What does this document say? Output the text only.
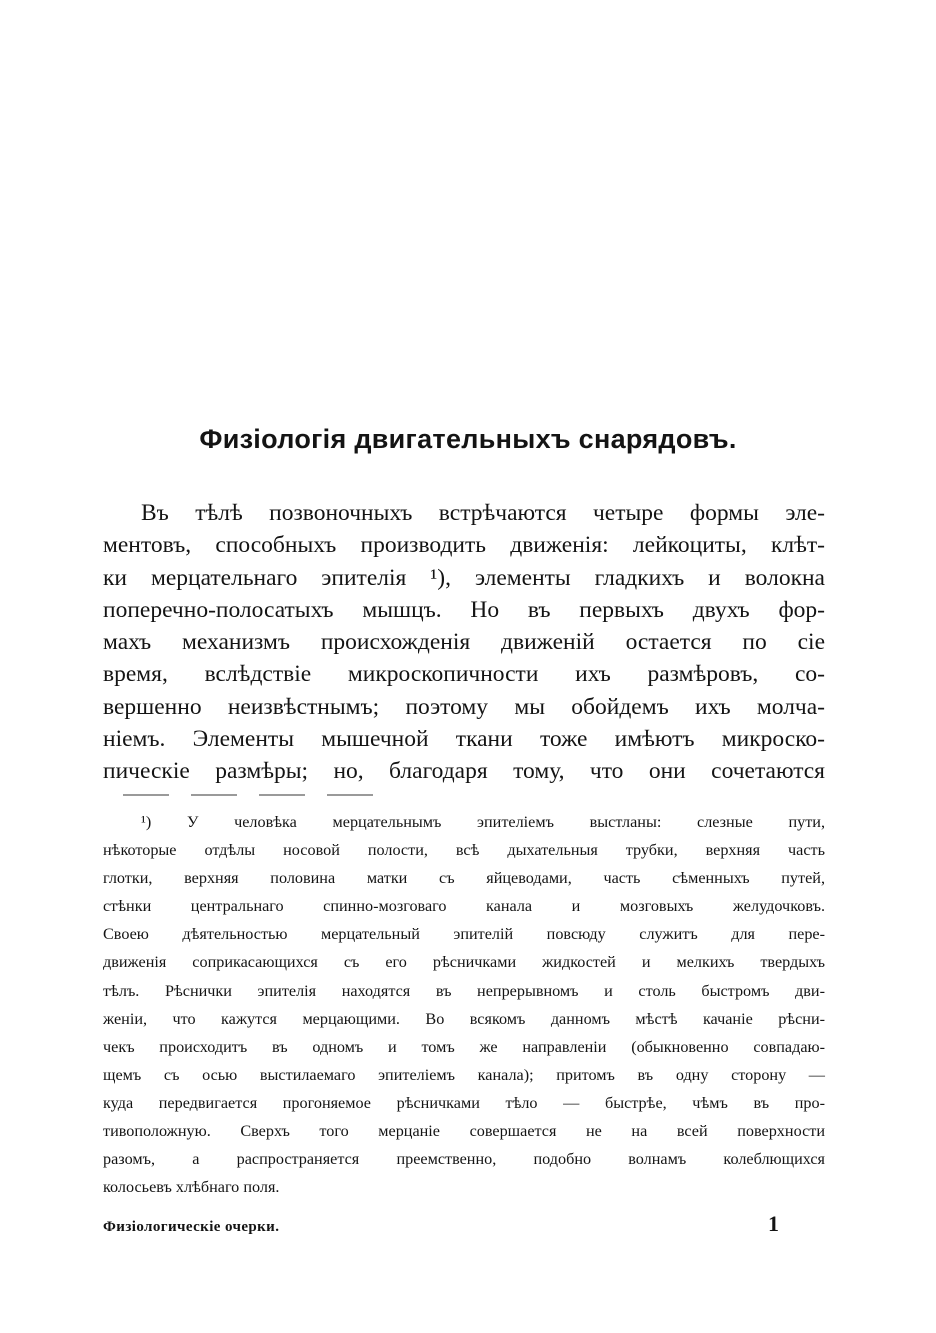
Физiологiя двигательныхъ снарядовъ.
Въ тѣлѣ позвоночныхъ встрѣчаются четыре формы эле-
ментовъ, способныхъ производить движенiя: лейкоциты, клѣт-
ки мерцательнаго эпителiя ¹), элементы гладкихъ и волокна
поперечно-полосатыхъ мышцъ. Но въ первыхъ двухъ фор-
махъ механизмъ происхожденiя движенiй остается по сiе
время, вслѣдствiе микроскопичности ихъ размѣровъ, со-
вершенно неизвѣстнымъ; поэтому мы обойдемъ ихъ молча-
нiемъ. Элементы мышечной ткани тоже имѣютъ микроско-
пическiе размѣры; но, благодаря тому, что они сочетаются
¹) У человѣка мерцательнымъ эпителiемъ выстланы: слезные пути,
нѣкоторые отдѣлы носовой полости, всѣ дыхательныя трубки, верхняя часть
глотки, верхняя половина матки съ яйцеводами, часть сѣменныхъ путей,
стѣнки центральнаго спинно-мозговаго канала и мозговыхъ желудочковъ.
Своею дѣятельностью мерцательный эпителiй повсюду служитъ для пере-
движенiя соприкасающихся съ его рѣсничками жидкостей и мелкихъ твердыхъ
тѣлъ. Рѣснички эпителiя находятся въ непрерывномъ и столь быстромъ дви-
женiи, что кажутся мерцающими. Во всякомъ данномъ мѣстѣ качанiе рѣсни-
чекъ происходитъ въ одномъ и томъ же направленiи (обыкновенно совпадаю-
щемъ съ осью выстилаемаго эпителiемъ канала); притомъ въ одну сторону —
куда передвигается прогоняемое рѣсничками тѣло — быстрѣе, чѣмъ въ про-
тивоположную. Сверхъ того мерцанiе совершается не на всей поверхности
разомъ, а распространяется преемственно, подобно волнамъ колеблющихся
колосьевъ хлѣбнаго поля.
Физiологическiе очерки.	1
